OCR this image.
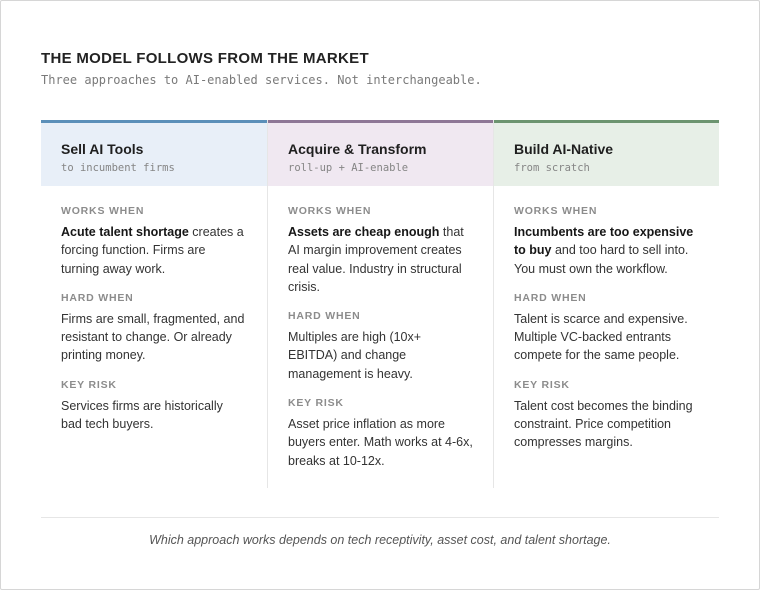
THE MODEL FOLLOWS FROM THE MARKET

Three approaches to AI-enabled services. Not interchangeable.

Sell AI Tools

to incumbent firms

WORKS WHEN

Acute talent shortage creates a forcing function. Firms are turning away work.

HARD WHEN

Firms are small, fragmented, and resistant to change. Or already printing money.

KEY RISK

Services firms are historically bad tech buyers.

Acquire & Transform

roll-up + AI-enable

WORKS WHEN

Assets are cheap enough that AI margin improvement creates real value. Industry in structural crisis.

HARD WHEN

Multiples are high (10x+ EBITDA) and change management is heavy.

KEY RISK

Asset price inflation as more buyers enter. Math works at 4-6x, breaks at 10-12x.

Build AI-Native

from scratch

WORKS WHEN

Incumbents are too expensive to buy and too hard to sell into. You must own the workflow.

HARD WHEN

Talent is scarce and expensive. Multiple VC-backed entrants compete for the same people.

KEY RISK

Talent cost becomes the binding constraint. Price competition compresses margins.

Which approach works depends on tech receptivity, asset cost, and talent shortage.
